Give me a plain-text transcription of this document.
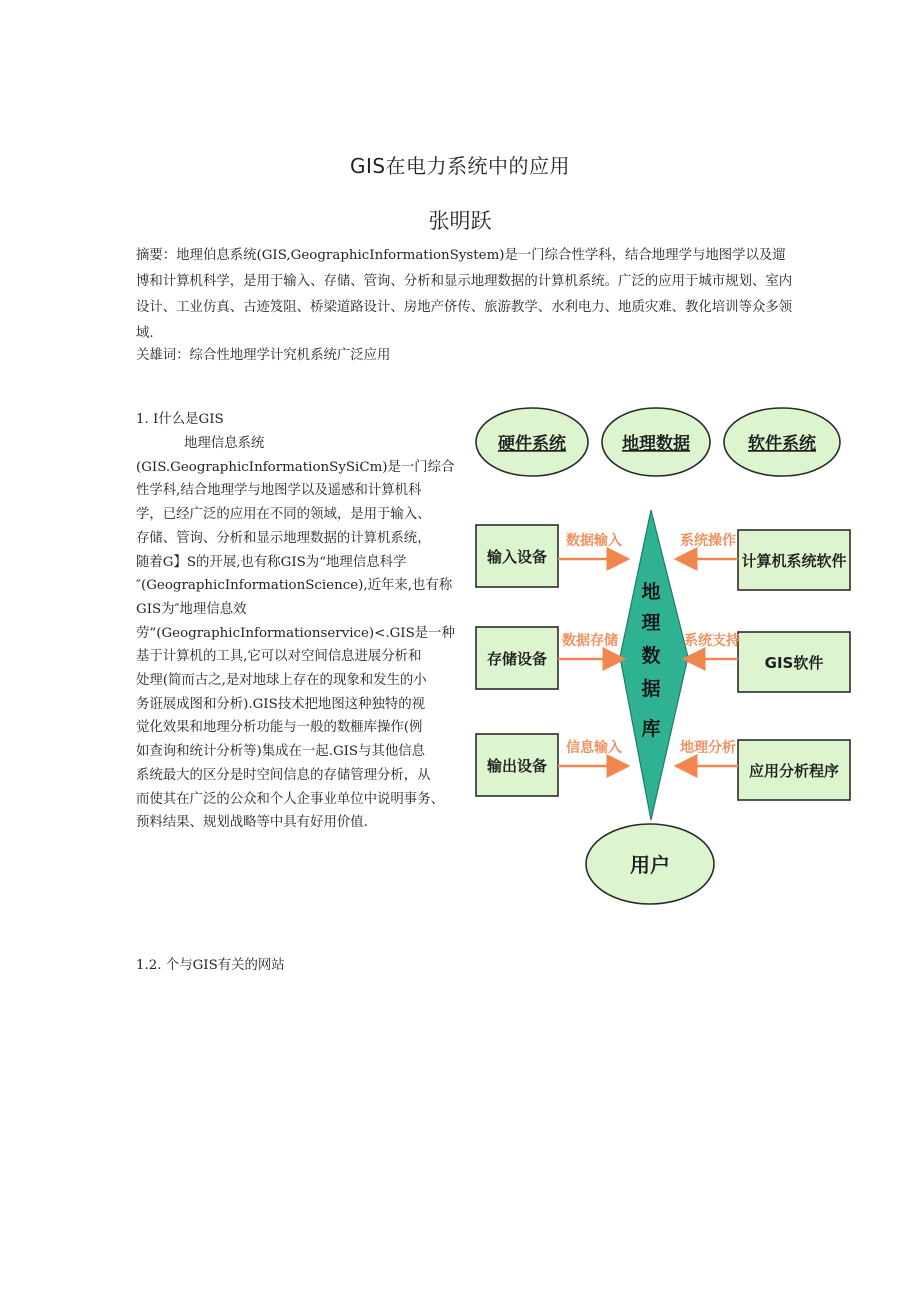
GIS在电力系统中的应用
张明跃

摘要：地理伯息系统(GIS,GeographicInformationSystem)是一门综合性学科，结合地理学与地图学以及遛博和计算机科学，是用于输入、存储、管询、分析和显示地理数据的计算机系统。广泛的应用于城市规划、室内设计、工业仿真、古迹笈阻、桥梁道路设计、房地产侪传、旅游教学、水利电力、地质灾难、教化培训等众多领域.

关雄词：综合性地理学计究机系统广泛应用

1. I什么是GIS
地理信息系统
(GIS.GeographicInformationSySiCm)是一门综合
性学科,结合地理学与地图学以及遥感和计算机科
学，已经广泛的应用在不同的领域，是用于输入、
存储、管询、分析和显示地理数据的计算机系统，
随着G】S的开展,也有称GIS为“地理信息科学
″(GeographicInformationScience),近年来,也有称
GIS为″地理信息效
劳”(GeographicInformationservice)<.GIS是一种
基于计算机的工具,它可以对空间信息进展分析和
处理(简而古之,是对地球上存在的现象和发生的小
务诳展成图和分析).GIS技术把地图这种独特的视
觉化效果和地理分析功能与一般的数榧库操作(例
如查询和统计分析等)集成在一起.GIS与其他信息
系统最大的区分是时空间信息的存储管理分析，从
而使其在广泛的公众和个人企事业单位中说明事务、
预料结果、规划战略等中具有好用价值.
硬件系统	地理数据	软件系统
地
理
数
据
库
输入设备
存储设备
输出设备
计算机系统软件
GIS软件
应用分析程序
数据输入
数据存储
信息输入
系统操作
系统支持
地理分析
用户
1.2. 个与GIS有关的网站
